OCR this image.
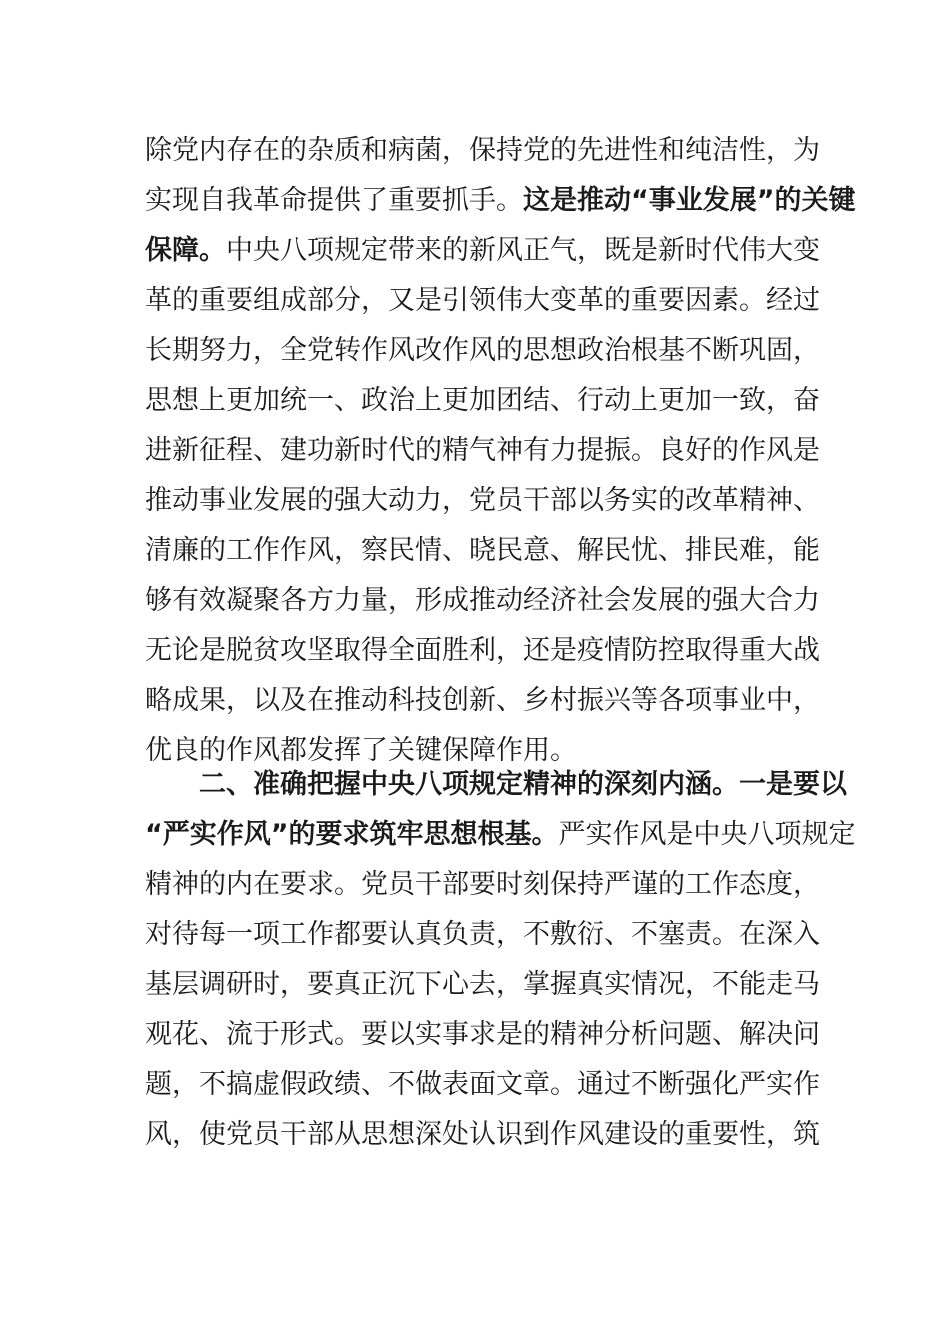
除党内存在的杂质和病菌，保持党的先进性和纯洁性，为
实现自我革命提供了重要抓手。这是推动“事业发展”的关键
保障。中央八项规定带来的新风正气，既是新时代伟大变
革的重要组成部分，又是引领伟大变革的重要因素。经过
长期努力，全党转作风改作风的思想政治根基不断巩固，
思想上更加统一、政治上更加团结、行动上更加一致，奋
进新征程、建功新时代的精气神有力提振。良好的作风是
推动事业发展的强大动力，党员干部以务实的改革精神、
清廉的工作作风，察民情、晓民意、解民忧、排民难，能
够有效凝聚各方力量，形成推动经济社会发展的强大合力
无论是脱贫攻坚取得全面胜利，还是疫情防控取得重大战
略成果，以及在推动科技创新、乡村振兴等各项事业中，
优良的作风都发挥了关键保障作用。
　　二、准确把握中央八项规定精神的深刻内涵。一是要以
“严实作风”的要求筑牢思想根基。严实作风是中央八项规定
精神的内在要求。党员干部要时刻保持严谨的工作态度，
对待每一项工作都要认真负责，不敷衍、不塞责。在深入
基层调研时，要真正沉下心去，掌握真实情况，不能走马
观花、流于形式。要以实事求是的精神分析问题、解决问
题，不搞虚假政绩、不做表面文章。通过不断强化严实作
风，使党员干部从思想深处认识到作风建设的重要性，筑
